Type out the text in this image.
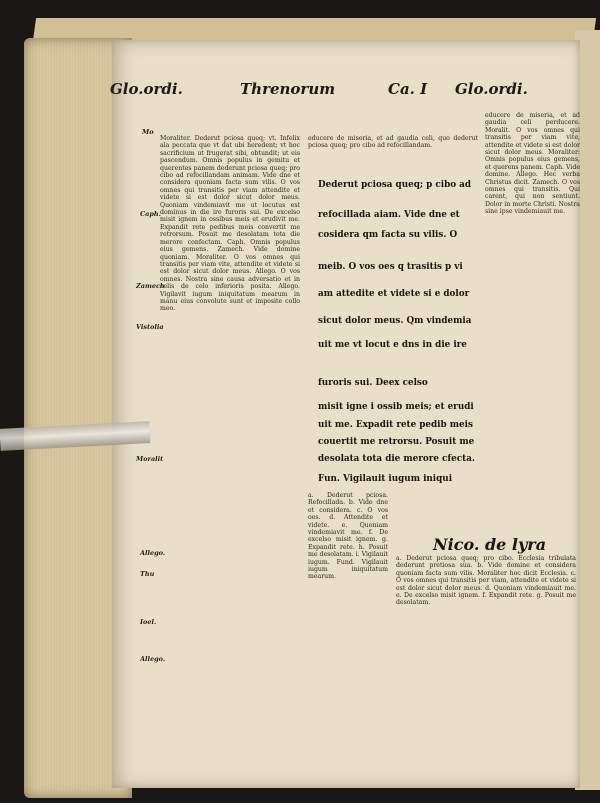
Glo.ordi.	Threnorum	Ca. I Glo.ordi.
Mo
Caph.
Zamech
Vistolia
Moralit
Allego.
Thu
Ioel.
Allego.

Moraliter. Dederut pciosa queq; vt. Infelix ala peccata que vt dat ubi heredent; vt hoc sacrificium ut frugerat sibi, obtundit; ut eis pascendum. Omnis populus in gemitu et querentes panem dederunt pciosa queq; pro cibo ad refocillandam animam. Vide dne et considera quoniam facta sum vilis. O vos omnes qui transitis per viam attendite et videte si est dolor sicut dolor meus. Quoniam vindemiavit me ut locutus est dominus in die ire furoris sui. De excelso misit ignem in ossibus meis et erudivit me. Expandit rete pedibus meis convertit me retrorsum. Posuit me desolatam tota die merore confectam. Caph. Omnis populus eius gemens. Zamech. Vide domine quoniam. Moraliter. O vos omnes qui transitis per viam vite, attendite et videte si est dolor sicut dolor meus. Allego. O vos omnes. Nostra sine causa adversatio et in celis de celo inferioris posita. Allego. Vigilavit iugum iniquitatum mearum in manu eius convolute sunt et imposite collo meo.

educere de miseria, et ad gaudia celi, quo dederut pciosa queq; pro cibo ad refocillandam.

Dederut pciosa queq; p cibo ad
refocillada aiam. Vide dne et
cosidera qm facta su vilis. O
meib. O vos oes q trasitis p vi
am attedite et videte si e dolor
sicut dolor meus. Qm vindemia
uit me vt locut e dns in die ire
furoris sui. Deex celso
misit igne i ossib meis; et erudi
uit me. Expadit rete pedib meis
couertit me retrorsu. Posuit me
desolata tota die merore cfecta.
Fun. Vigilauit iugum iniqui

a. Dederut pciosa. Refocillada. b. Vide dne et considera. c. O vos oes. d. Attendite et videte. e. Quoniam vindemiavit me. f. De excelso misit ignem. g. Expandit rete. h. Posuit me desolatam. i. Vigilauit iugum. Fund. Vigilauit iugum iniquitatum mearum.

educere de miseria, et ad gaudia celi perducere. Moralit. O vos omnes qui transitis per viam vite, attendite et videte si est dolor sicut dolor meus. Moraliter: Omnis populus eius gemens, et querens panem. Caph. Vide domine. Allego. Hec verba Christus dicit. Zamech. O vos omnes qui transitis. Qui carent, qui non sentiunt. Dolor in morte Christi. Nostra sine ipse vindemiauit me.

Nico. de lyra

a. Dederut pciosa queq; pro cibo. Ecclesia tribulata dederunt pretiosa sua. b. Vide domine et considera quoniam facta sum vilis. Moraliter hoc dicit Ecclesia. c. O vos omnes qui transitis per viam, attendite et videte si est dolor sicut dolor meus. d. Quoniam vindemiauit me. e. De excelso misit ignem. f. Expandit rete. g. Posuit me desolatam.
